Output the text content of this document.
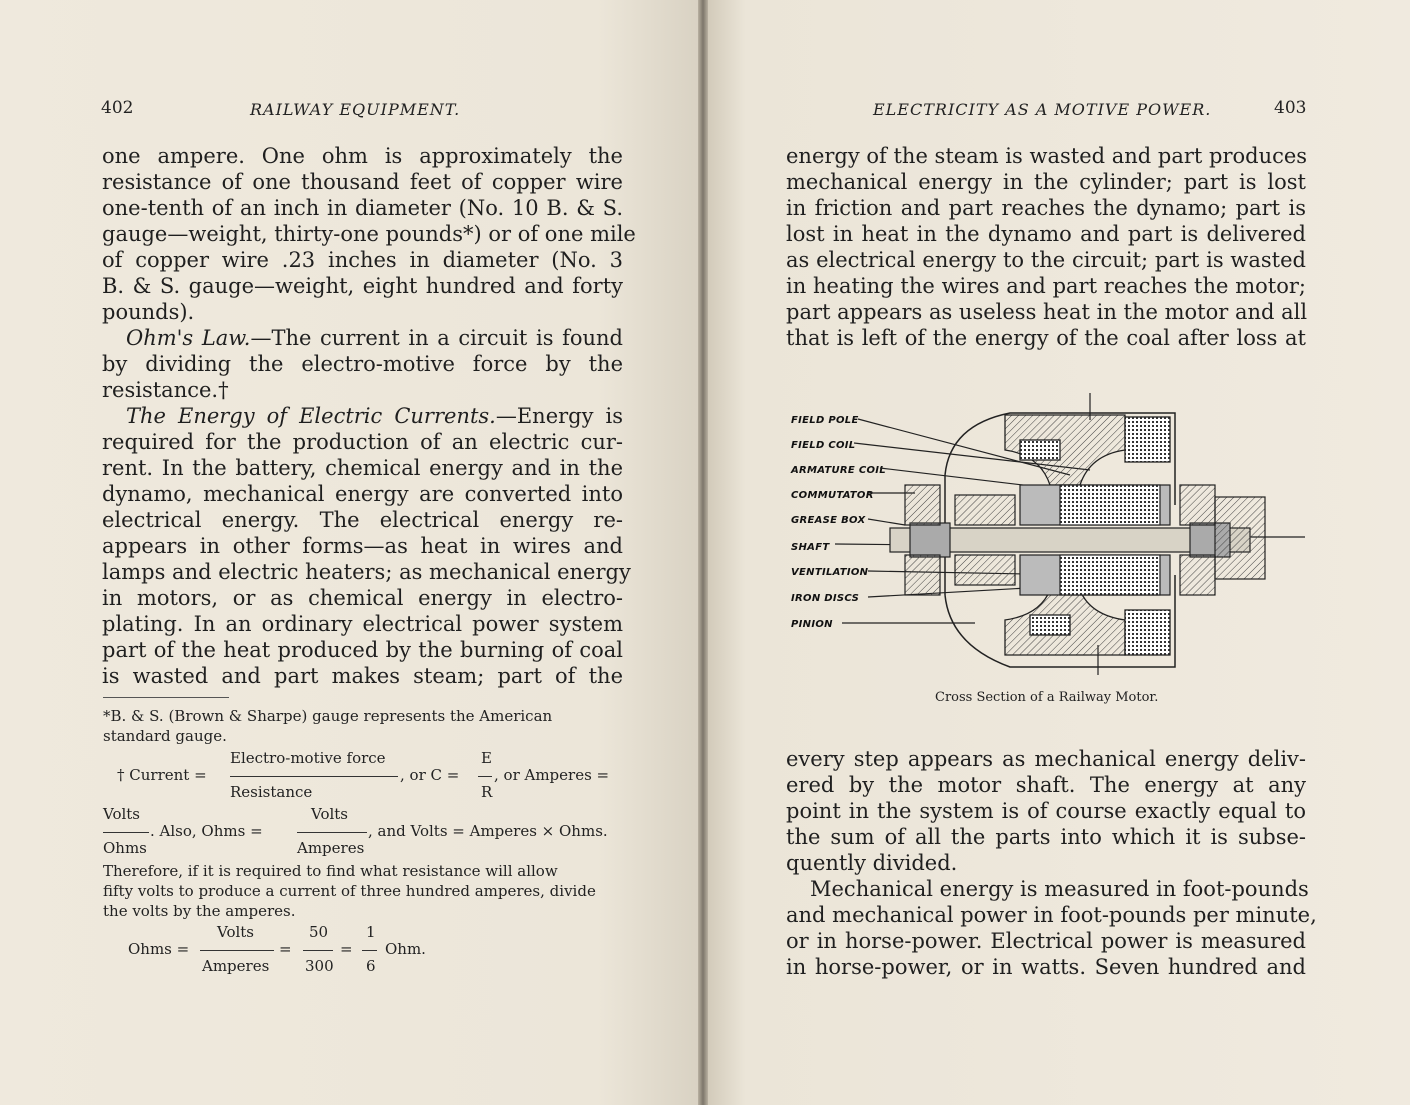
402	RAILWAY EQUIPMENT.
one ampere. One ohm is approximately the
resistance of one thousand feet of copper wire
one-tenth of an inch in diameter (No. 10 B. & S.
gauge—weight, thirty-one pounds*) or of one mile
of copper wire .23 inches in diameter (No. 3
B. & S. gauge—weight, eight hundred and forty
pounds).
Ohm's Law.—The current in a circuit is found
by dividing the electro-motive force by the
resistance.†
The Energy of Electric Currents.—Energy is
required for the production of an electric cur-
rent. In the battery, chemical energy and in the
dynamo, mechanical energy are converted into
electrical energy. The electrical energy re-
appears in other forms—as heat in wires and
lamps and electric heaters; as mechanical energy
in motors, or as chemical energy in electro-
plating. In an ordinary electrical power system
part of the heat produced by the burning of coal
is wasted and part makes steam; part of the
*B. & S. (Brown & Sharpe) gauge represents the American
standard gauge.
Electro-motive force
† Current =
Resistance
, or C =
E
R
, or Amperes =
Volts
Ohms
. Also, Ohms =
Volts
Amperes
, and Volts = Amperes × Ohms.
Therefore, if it is required to find what resistance will allow
fifty volts to produce a current of three hundred amperes, divide
the volts by the amperes.
Volts
Ohms =
Amperes
=
50
300
=
1
6
Ohm.
ELECTRICITY AS A MOTIVE POWER.	403
energy of the steam is wasted and part produces
mechanical energy in the cylinder; part is lost
in friction and part reaches the dynamo; part is
lost in heat in the dynamo and part is delivered
as electrical energy to the circuit; part is wasted
in heating the wires and part reaches the motor;
part appears as useless heat in the motor and all
that is left of the energy of the coal after loss at
FIELD POLE
FIELD COIL
ARMATURE COIL
COMMUTATOR
GREASE BOX
SHAFT
VENTILATION
IRON DISCS
PINION
Cross Section of a Railway Motor.
every step appears as mechanical energy deliv-
ered by the motor shaft. The energy at any
point in the system is of course exactly equal to
the sum of all the parts into which it is subse-
quently divided.
Mechanical energy is measured in foot-pounds
and mechanical power in foot-pounds per minute,
or in horse-power. Electrical power is measured
in horse-power, or in watts. Seven hundred and
